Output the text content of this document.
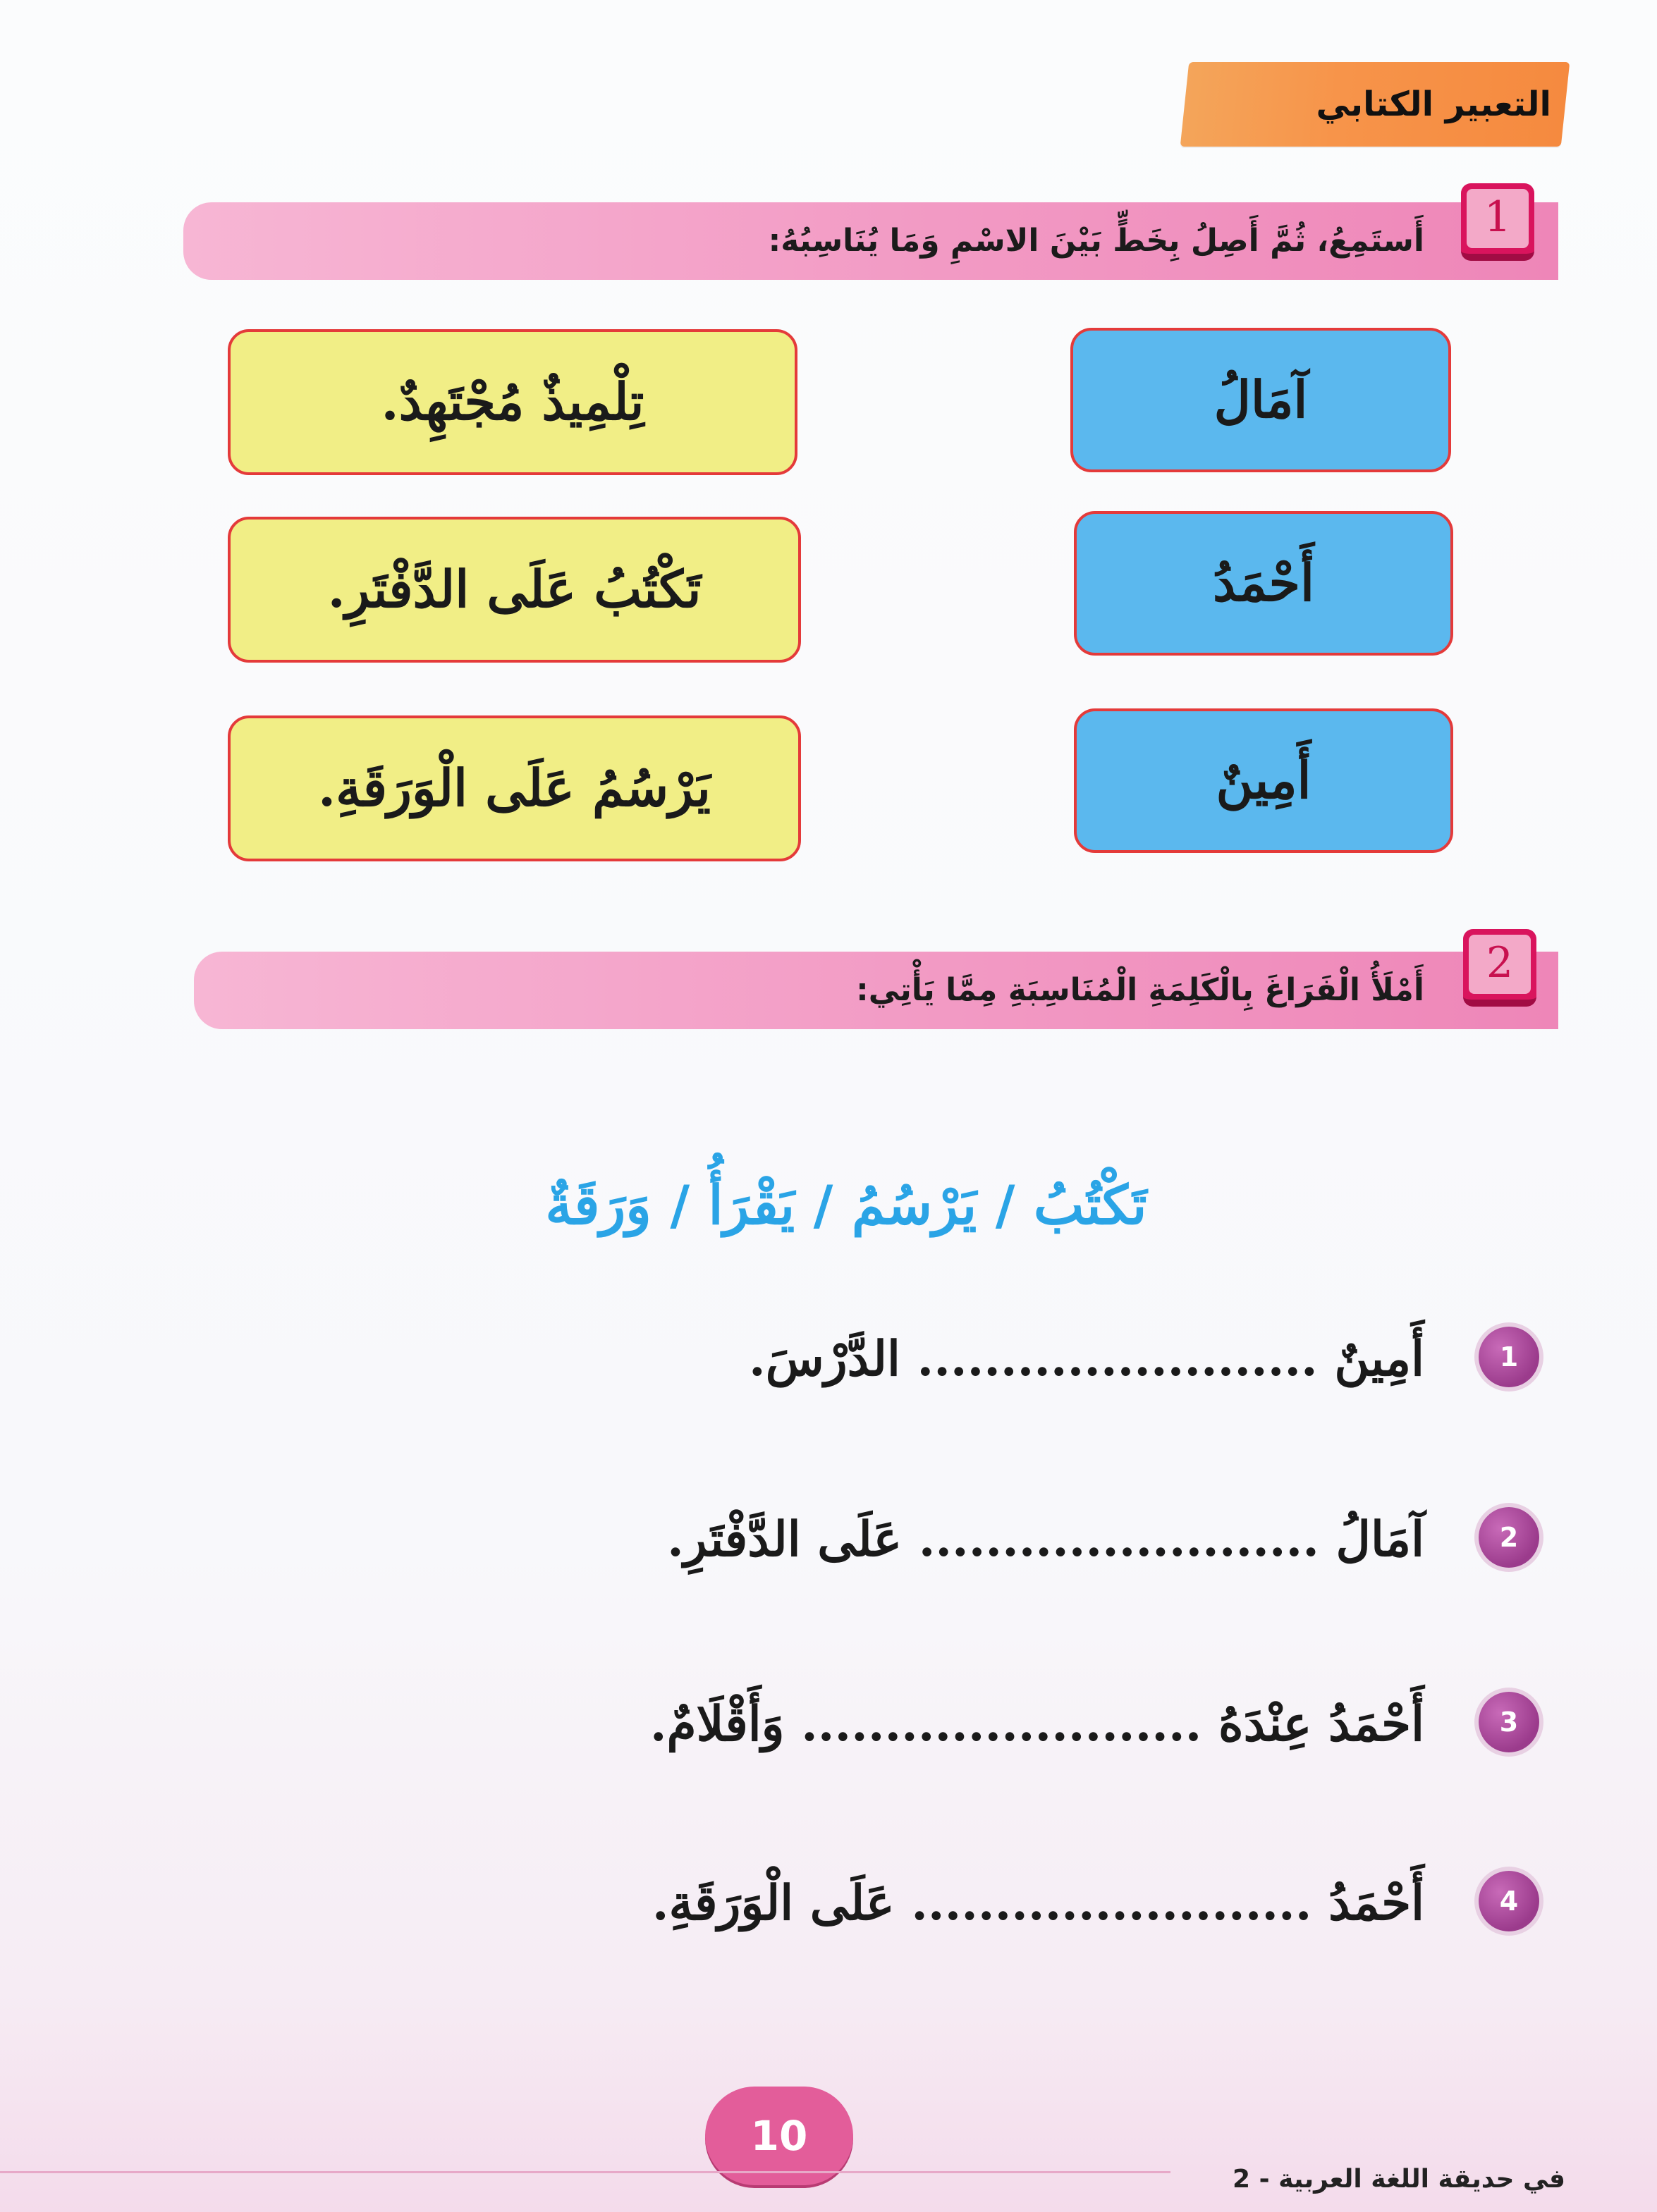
التعبير الكتابي
1
أَستَمِعُ، ثُمَّ أَصِلُ بِخَطٍّ بَيْنَ الاسْمِ وَمَا يُنَاسِبُهُ:
آمَالُ
أَحْمَدُ
أَمِينٌ
تِلْمِيذٌ مُجْتَهِدٌ.
تَكْتُبُ عَلَى الدَّفْتَرِ.
يَرْسُمُ عَلَى الْوَرَقَةِ.
2
أَمْلَأُ الْفَرَاغَ بِالْكَلِمَةِ الْمُنَاسِبَةِ مِمَّا يَأْتِي:
تَكْتُبُ / يَرْسُمُ / يَقْرَأُ / وَرَقَةٌ
1
أَمِينٌ ........................ الدَّرْسَ.
2
آمَالُ ........................ عَلَى الدَّفْتَرِ.
3
أَحْمَدُ عِنْدَهُ ........................ وَأَقْلَامٌ.
4
أَحْمَدُ ........................ عَلَى الْوَرَقَةِ.
10
في حديقة اللغة العربية - 2
